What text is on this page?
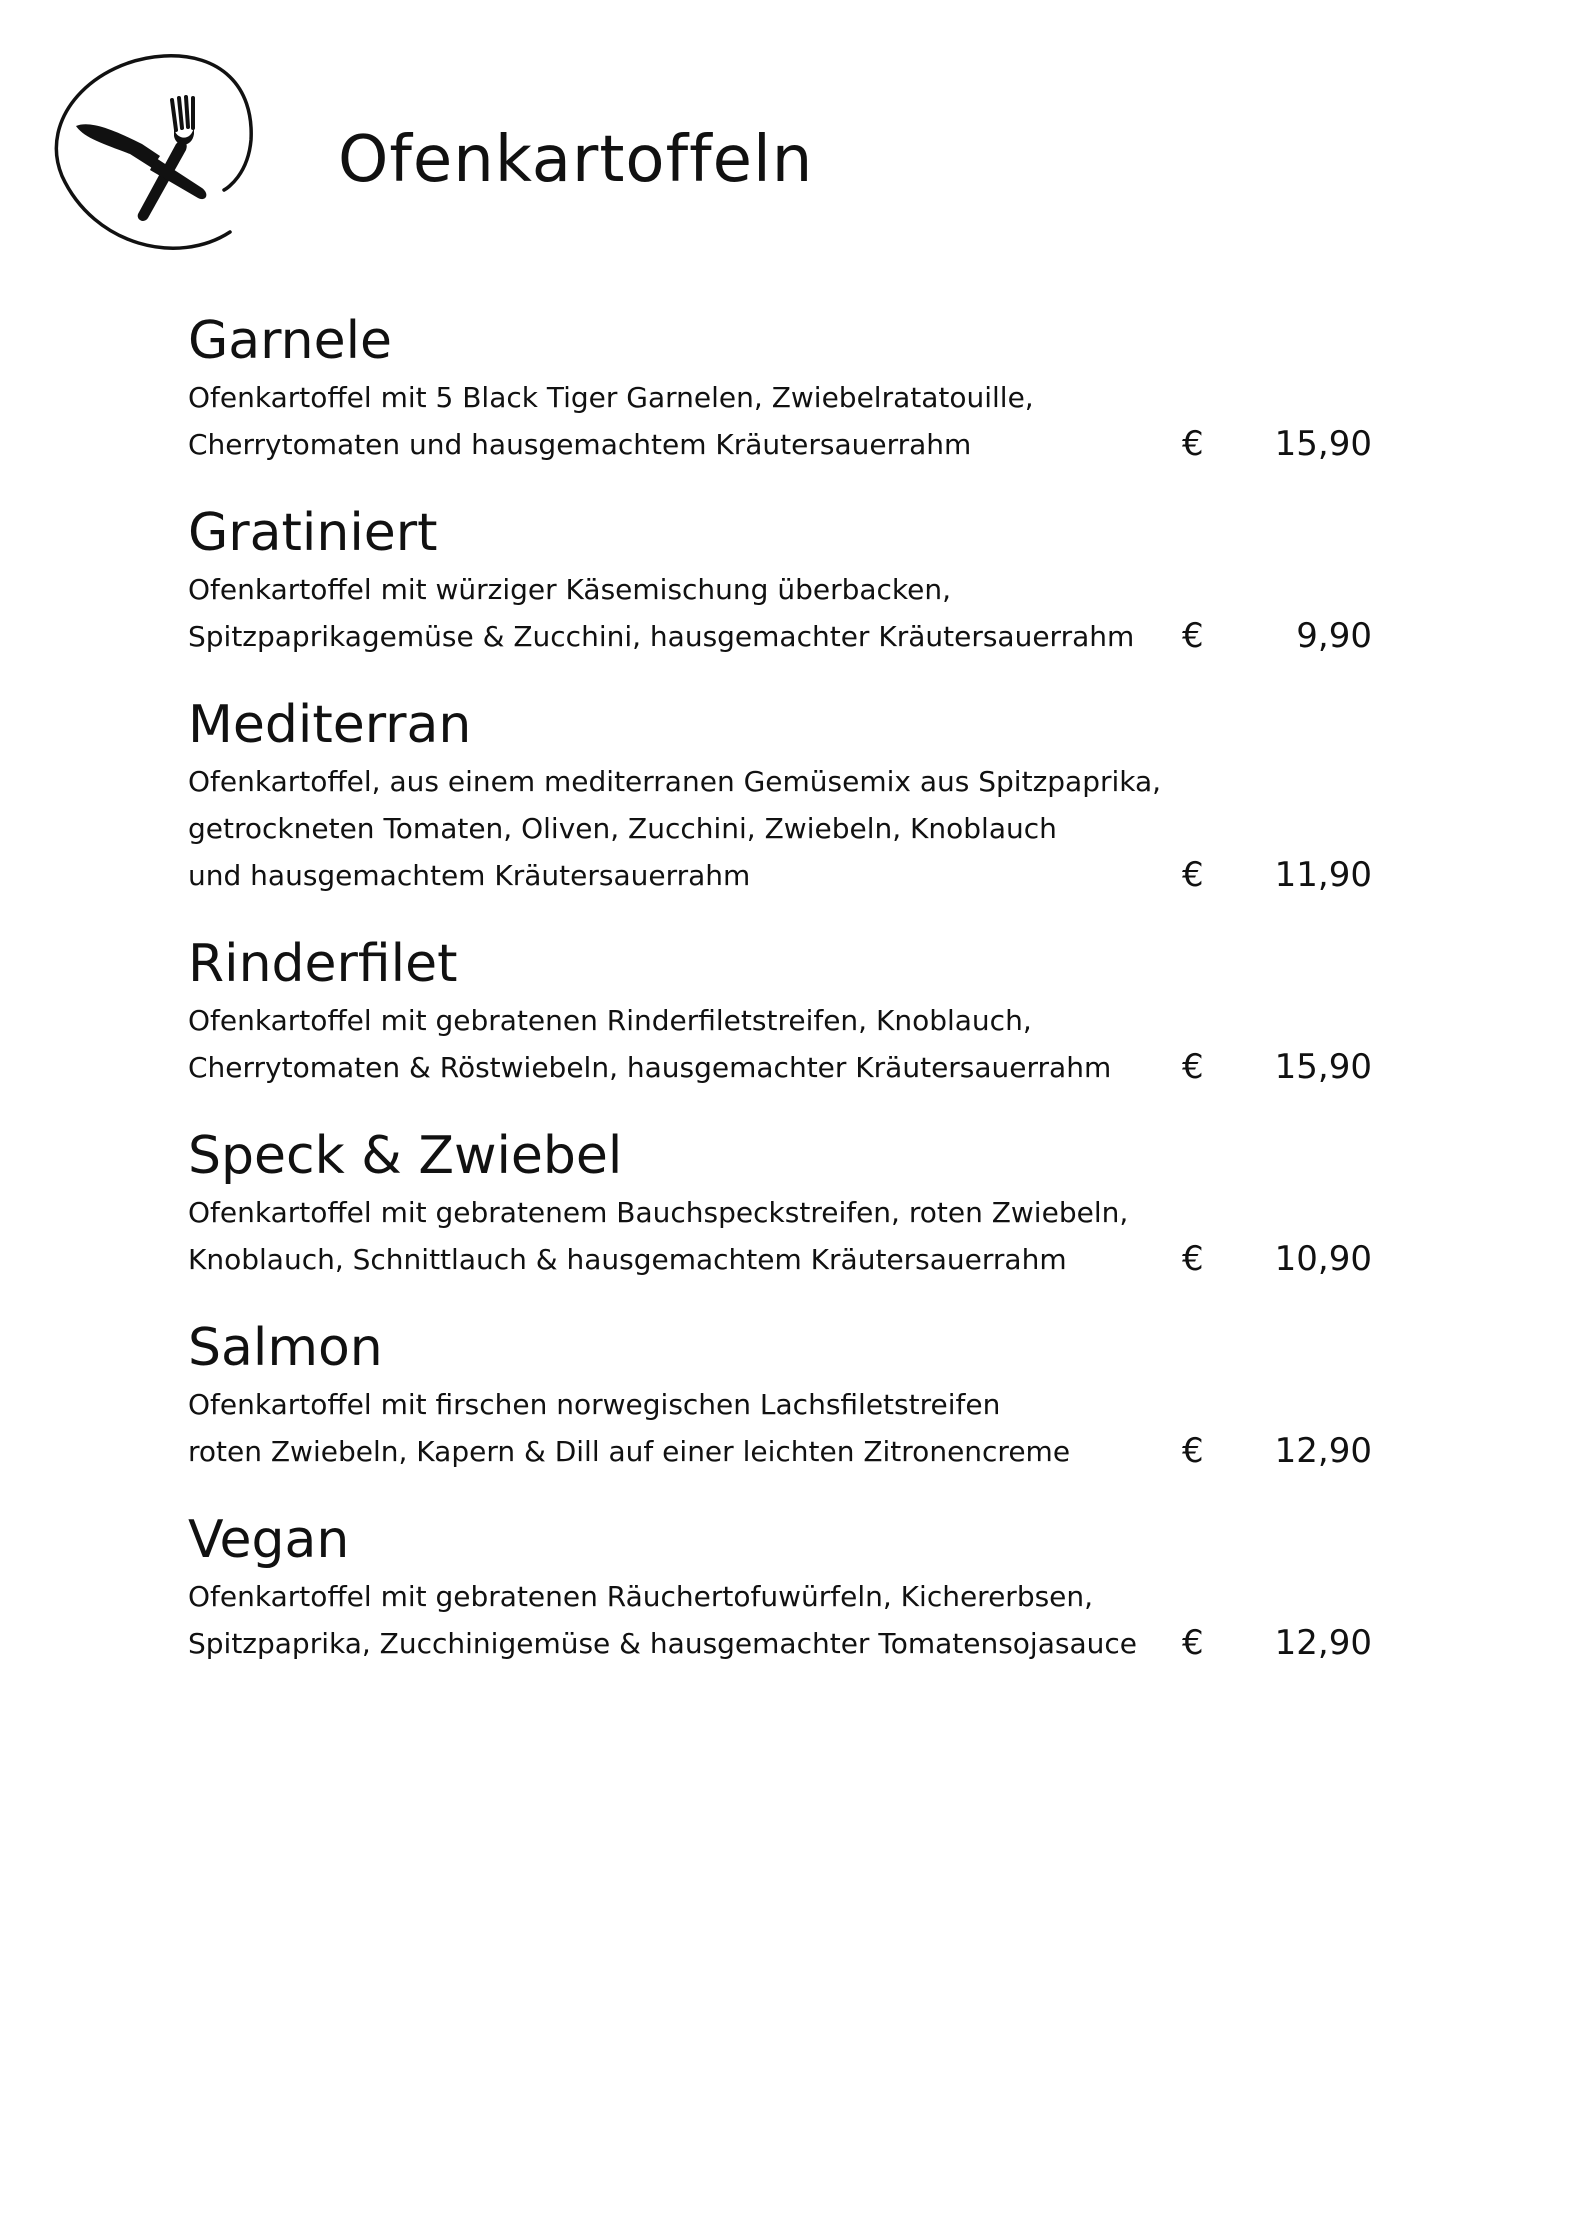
Ofenkartoffeln
Garnele
Ofenkartoffel mit 5 Black Tiger Garnelen, Zwiebelratatouille,
Cherrytomaten und hausgemachtem Kräutersauerrahm	€ 15,90
Gratiniert
Ofenkartoffel mit würziger Käsemischung überbacken,
Spitzpaprikagemüse & Zucchini, hausgemachter Kräutersauerrahm	€	9,90
Mediterran
Ofenkartoffel, aus einem mediterranen Gemüsemix aus Spitzpaprika,
getrockneten Tomaten, Oliven, Zucchini, Zwiebeln, Knoblauch
und hausgemachtem Kräutersauerrahm	€ 11,90
Rinderfilet
Ofenkartoffel mit gebratenen Rinderfiletstreifen, Knoblauch,
Cherrytomaten & Röstwiebeln, hausgemachter Kräutersauerrahm	€ 15,90
Speck & Zwiebel
Ofenkartoffel mit gebratenem Bauchspeckstreifen, roten Zwiebeln,
Knoblauch, Schnittlauch & hausgemachtem Kräutersauerrahm	€ 10,90
Salmon
Ofenkartoffel mit firschen norwegischen Lachsfiletstreifen
roten Zwiebeln, Kapern & Dill auf einer leichten Zitronencreme	€ 12,90
Vegan
Ofenkartoffel mit gebratenen Räuchertofuwürfeln, Kichererbsen,
Spitzpaprika, Zucchinigemüse & hausgemachter Tomatensojasauce	€ 12,90
